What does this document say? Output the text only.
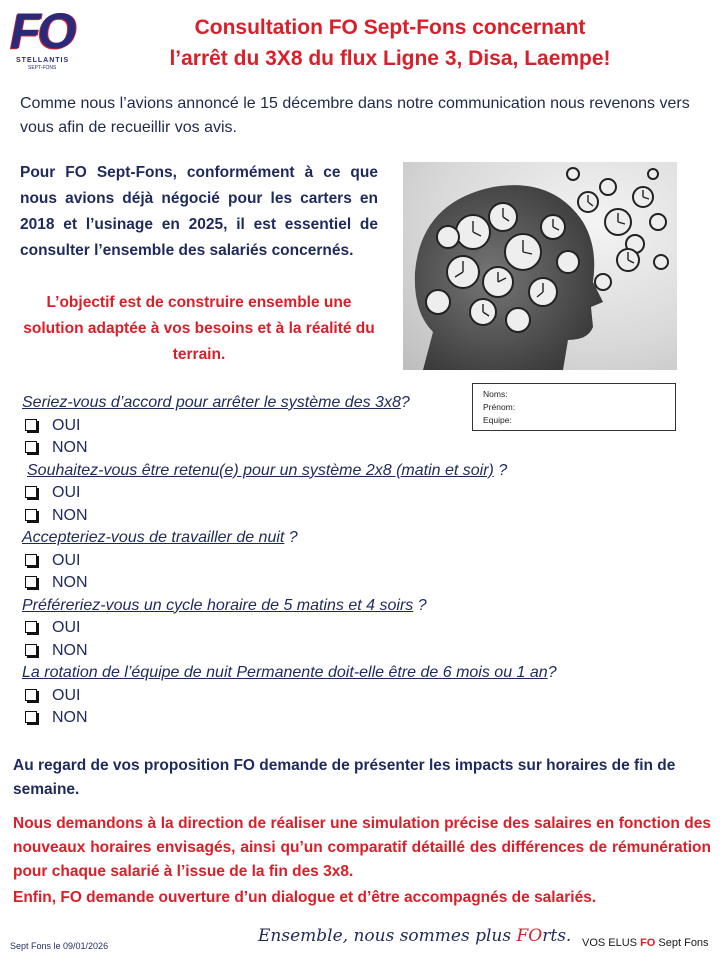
FO
STELLANTIS
SEPT-FONS
Consultation FO Sept-Fons concernant
l’arrêt du 3X8 du flux Ligne 3, Disa, Laempe!
Comme nous l’avions annoncé le 15 décembre dans notre communication nous revenons vers vous afin de recueillir vos avis.
Pour FO Sept-Fons, conformément à ce que nous avions déjà négocié pour les carters en 2018 et l’usinage en 2025, il est essentiel de consulter l’ensemble des salariés concernés.
L’objectif est de construire ensemble une solution adaptée à vos besoins et à la réalité du terrain.
Noms:
Prénom:
Equipe:
Seriez-vous d’accord pour arrêter le système des 3x8?
OUI
NON
Souhaitez-vous être retenu(e) pour un système 2x8 (matin et soir) ?
OUI
NON
Accepteriez-vous de travailler de nuit ?
OUI
NON
Préféreriez-vous un cycle horaire de 5 matins et 4 soirs ?
OUI
NON
La rotation de l’équipe de nuit Permanente doit-elle être de 6 mois ou 1 an?
OUI
NON
Au regard de vos proposition FO demande de présenter les impacts sur horaires de fin de semaine.
Nous demandons à la direction de réaliser une simulation précise des salaires en fonction des nouveaux horaires envisagés, ainsi qu’un comparatif détaillé des différences de rémunération pour chaque salarié à l’issue de la fin des 3x8.
Enfin, FO demande ouverture d’un dialogue et d’être accompagnés de salariés.
Sept Fons le 09/01/2026	Ensemble, nous sommes plus FOrts. VOS ELUS FO Sept Fons
